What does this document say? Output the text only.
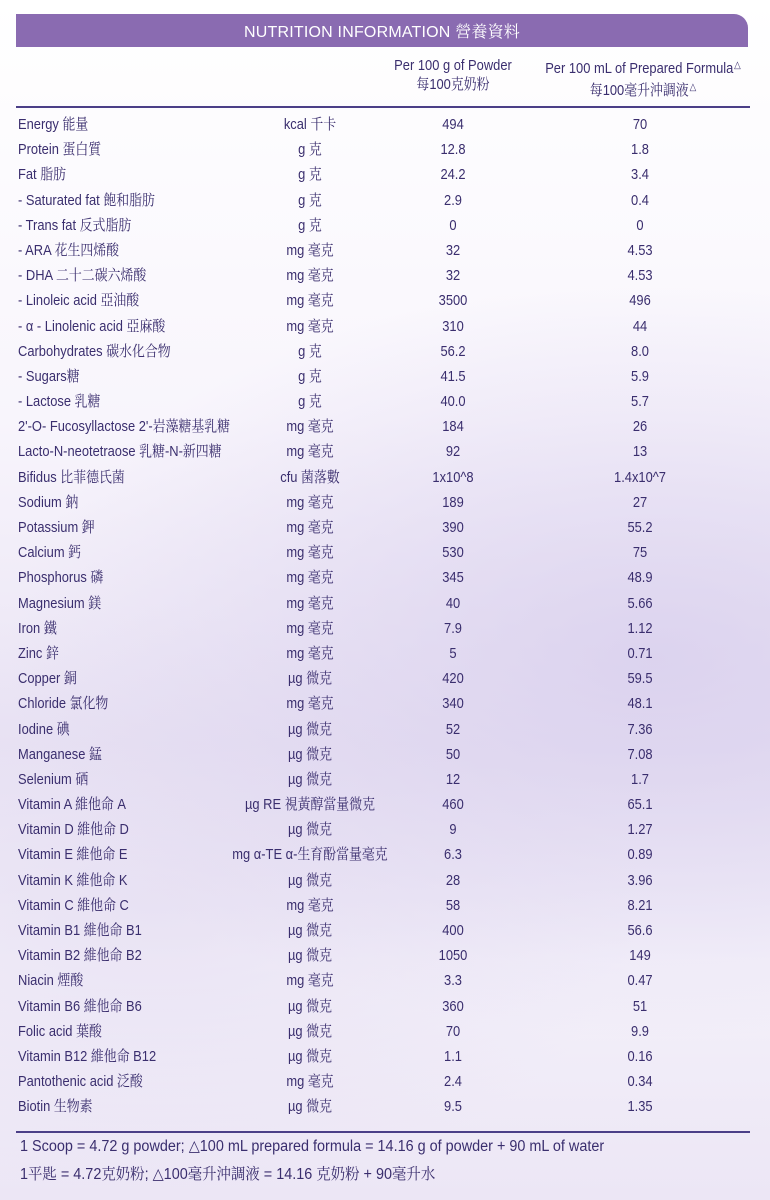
NUTRITION INFORMATION 營養資料
Per 100 g of Powder
每100克奶粉
Per 100 mL of Prepared Formula△
每100毫升沖調液△
Energy 能量	kcal 千卡	494	70
Protein 蛋白質	g 克	12.8	1.8
Fat 脂肪	g 克	24.2	3.4
- Saturated fat 飽和脂肪	g 克	2.9	0.4
- Trans fat 反式脂肪	g 克	0	0
- ARA 花生四烯酸	mg 毫克	32	4.53
- DHA 二十二碳六烯酸	mg 毫克	32	4.53
- Linoleic acid 亞油酸	mg 毫克	3500	496
- α - Linolenic acid 亞麻酸	mg 毫克	310	44
Carbohydrates 碳水化合物	g 克	56.2	8.0
- Sugars糖	g 克	41.5	5.9
- Lactose 乳糖	g 克	40.0	5.7
2'-O- Fucosyllactose 2'-岩藻糖基乳糖	mg 毫克	184	26
Lacto-N-neotetraose 乳糖-N-新四糖	mg 毫克	92	13
Bifidus 比菲德氏菌	cfu 菌落數	1x10^8	1.4x10^7
Sodium 鈉	mg 毫克	189	27
Potassium 鉀	mg 毫克	390	55.2
Calcium 鈣	mg 毫克	530	75
Phosphorus 磷	mg 毫克	345	48.9
Magnesium 鎂	mg 毫克	40	5.66
Iron 鐵	mg 毫克	7.9	1.12
Zinc 鋅	mg 毫克	5	0.71
Copper 銅	µg 微克	420	59.5
Chloride 氯化物	mg 毫克	340	48.1
Iodine 碘	µg 微克	52	7.36
Manganese 錳	µg 微克	50	7.08
Selenium 硒	µg 微克	12	1.7
Vitamin A 維他命 A	µg RE 視黃醇當量微克	460	65.1
Vitamin D 維他命 D	µg 微克	9	1.27
Vitamin E 維他命 E	mg α-TE α-生育酚當量毫克	6.3	0.89
Vitamin K 維他命 K	µg 微克	28	3.96
Vitamin C 維他命 C	mg 毫克	58	8.21
Vitamin B1 維他命 B1	µg 微克	400	56.6
Vitamin B2 維他命 B2	µg 微克	1050	149
Niacin 煙酸	mg 毫克	3.3	0.47
Vitamin B6 維他命 B6	µg 微克	360	51
Folic acid 葉酸	µg 微克	70	9.9
Vitamin B12 維他命 B12	µg 微克	1.1	0.16
Pantothenic acid 泛酸	mg 毫克	2.4	0.34
Biotin 生物素	µg 微克	9.5	1.35
1 Scoop = 4.72 g powder; △100 mL prepared formula = 14.16 g of powder + 90 mL of water
1平匙 = 4.72克奶粉; △100毫升沖調液 = 14.16 克奶粉 + 90毫升水
